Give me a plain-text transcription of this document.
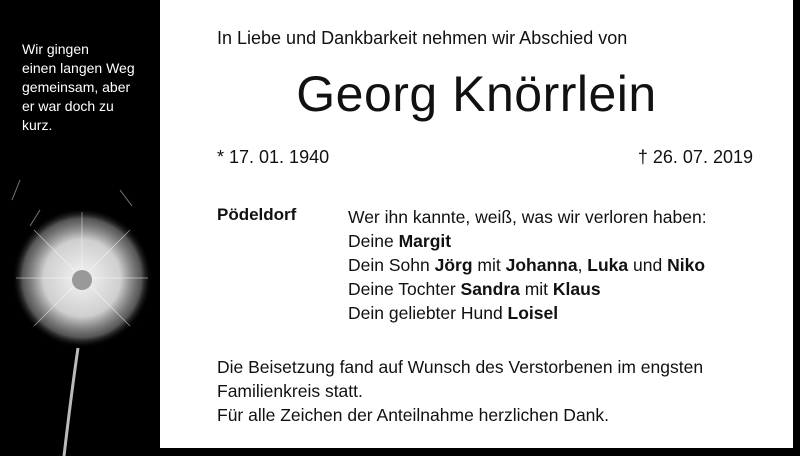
Wir gingen
einen langen Weg
gemeinsam, aber
er war doch zu
kurz.
In Liebe und Dankbarkeit nehmen wir Abschied von
Georg Knörrlein
* 17. 01. 1940	† 26. 07. 2019
Pödeldorf	Wer ihn kannte, weiß, was wir verloren haben:
Deine Margit
Dein Sohn Jörg mit Johanna, Luka und Niko
Deine Tochter Sandra mit Klaus
Dein geliebter Hund Loisel
Die Beisetzung fand auf Wunsch des Verstorbenen im engsten
Familienkreis statt.
Für alle Zeichen der Anteilnahme herzlichen Dank.
